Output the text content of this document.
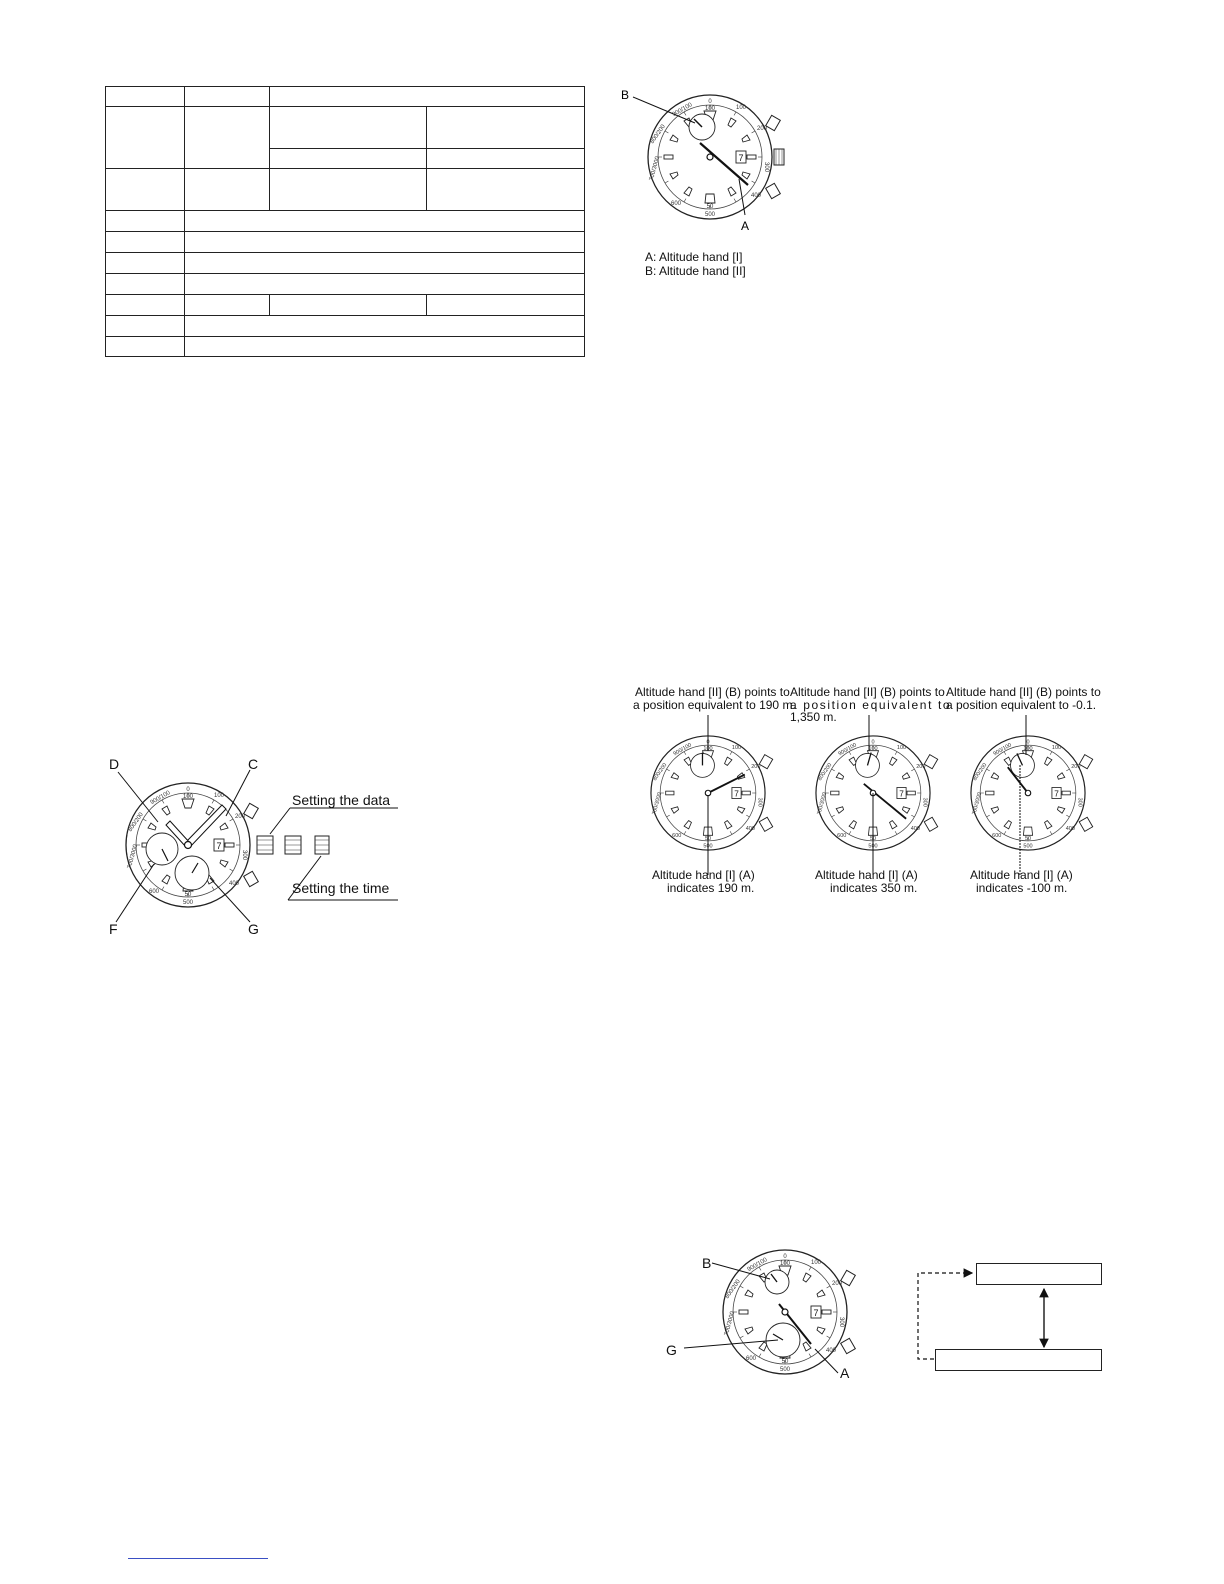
B
A
A: Altitude hand [I]
B: Altitude hand [II]
D	C
F	G
Setting the data
Setting the time
Altitude hand [II] (B) points to
a position equivalent to 190 m.
Altitude hand [II] (B) points to
a position equivalent to
1,350 m.
Altitude hand [II] (B) points to
a position equivalent to -0.1.
Altitude hand [I] (A)
indicates 190 m.
Altitude hand [I] (A)
indicates 350 m.
Altitude hand [I] (A)
indicates -100 m.
B
G
A
